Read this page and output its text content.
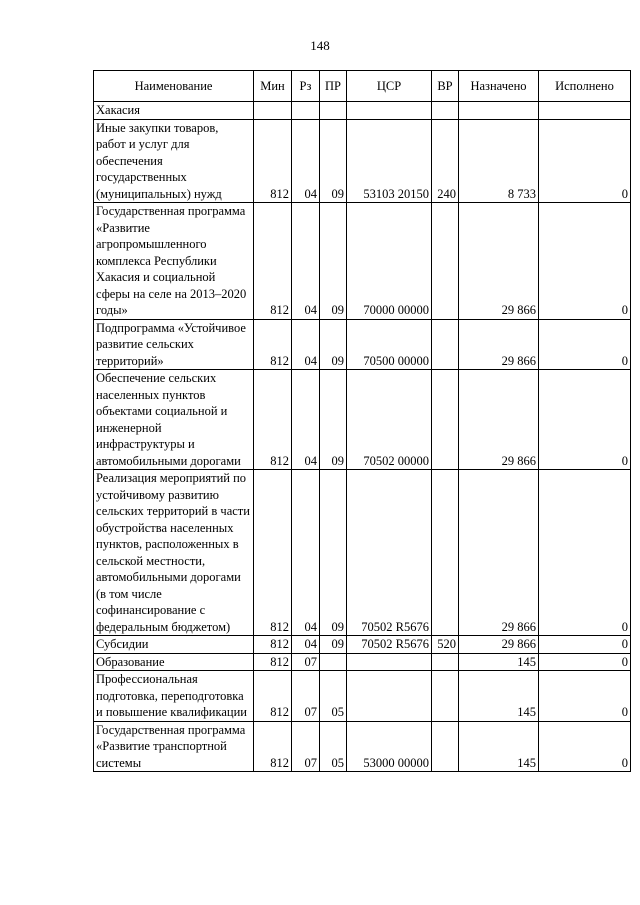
148
Наименование	Мин	Рз	ПР	ЦСР	ВР	Назначено	Исполнено
Хакасия							
Иные закупки товаров, работ и услуг для обеспечения государственных (муниципальных) нужд	812	04	09	53103 20150	240	8 733	0
Государственная программа «Развитие агропромышленного комплекса Республики Хакасия и социальной сферы на селе на 2013–2020 годы»	812	04	09	70000 00000		29 866	0
Подпрограмма «Устойчивое развитие сельских территорий»	812	04	09	70500 00000		29 866	0
Обеспечение сельских населенных пунктов объектами социальной и инженерной инфраструктуры и автомобильными дорогами	812	04	09	70502 00000		29 866	0
Реализация мероприятий по устойчивому развитию сельских территорий в части обустройства населенных пунктов, расположенных в сельской местности, автомобильными дорогами (в том числе софинансирование с федеральным бюджетом)	812	04	09	70502 R5676		29 866	0
Субсидии	812	04	09	70502 R5676	520	29 866	0
Образование	812	07				145	0
Профессиональная подготовка, переподготовка и повышение квалификации	812	07	05			145	0
Государственная программа «Развитие транспортной системы	812	07	05	53000 00000		145	0
